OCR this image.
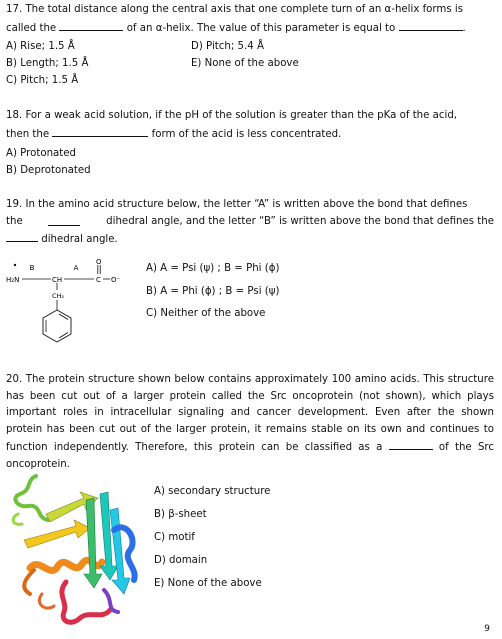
17. The total distance along the central axis that one complete turn of an α-helix forms is
called the	of an α-helix. The value of this parameter is equal to	.
A) Rise; 1.5 Å
B) Length; 1.5 Å
C) Pitch; 1.5 Å
D) Pitch; 5.4 Å
E) None of the above
18. For a weak acid solution, if the pH of the solution is greater than the pKa of the acid,
then the	form of the acid is less concentrated.
A) Protonated
B) Deprotonated
19. In the amino acid structure below, the letter “A” is written above the bond that defines
the	dihedral angle, and the letter “B” is written above the bond that defines the
dihedral angle.
B	A
H₂N	CH	C
O
O⁻
CH₂
A) A = Psi (ψ) ; B = Phi (ϕ)
B) A = Phi (ϕ) ; B = Psi (ψ)
C) Neither of the above
20. The protein structure shown below contains approximately 100 amino acids. This structure has been cut out of a larger protein called the Src oncoprotein (not shown), which plays important roles in intracellular signaling and cancer development. Even after the shown protein has been cut out of the larger protein, it remains stable on its own and continues to function independently. Therefore, this protein can be classified as a	of the Src oncoprotein.
A) secondary structure
B) β-sheet
C) motif
D) domain
E) None of the above
9
